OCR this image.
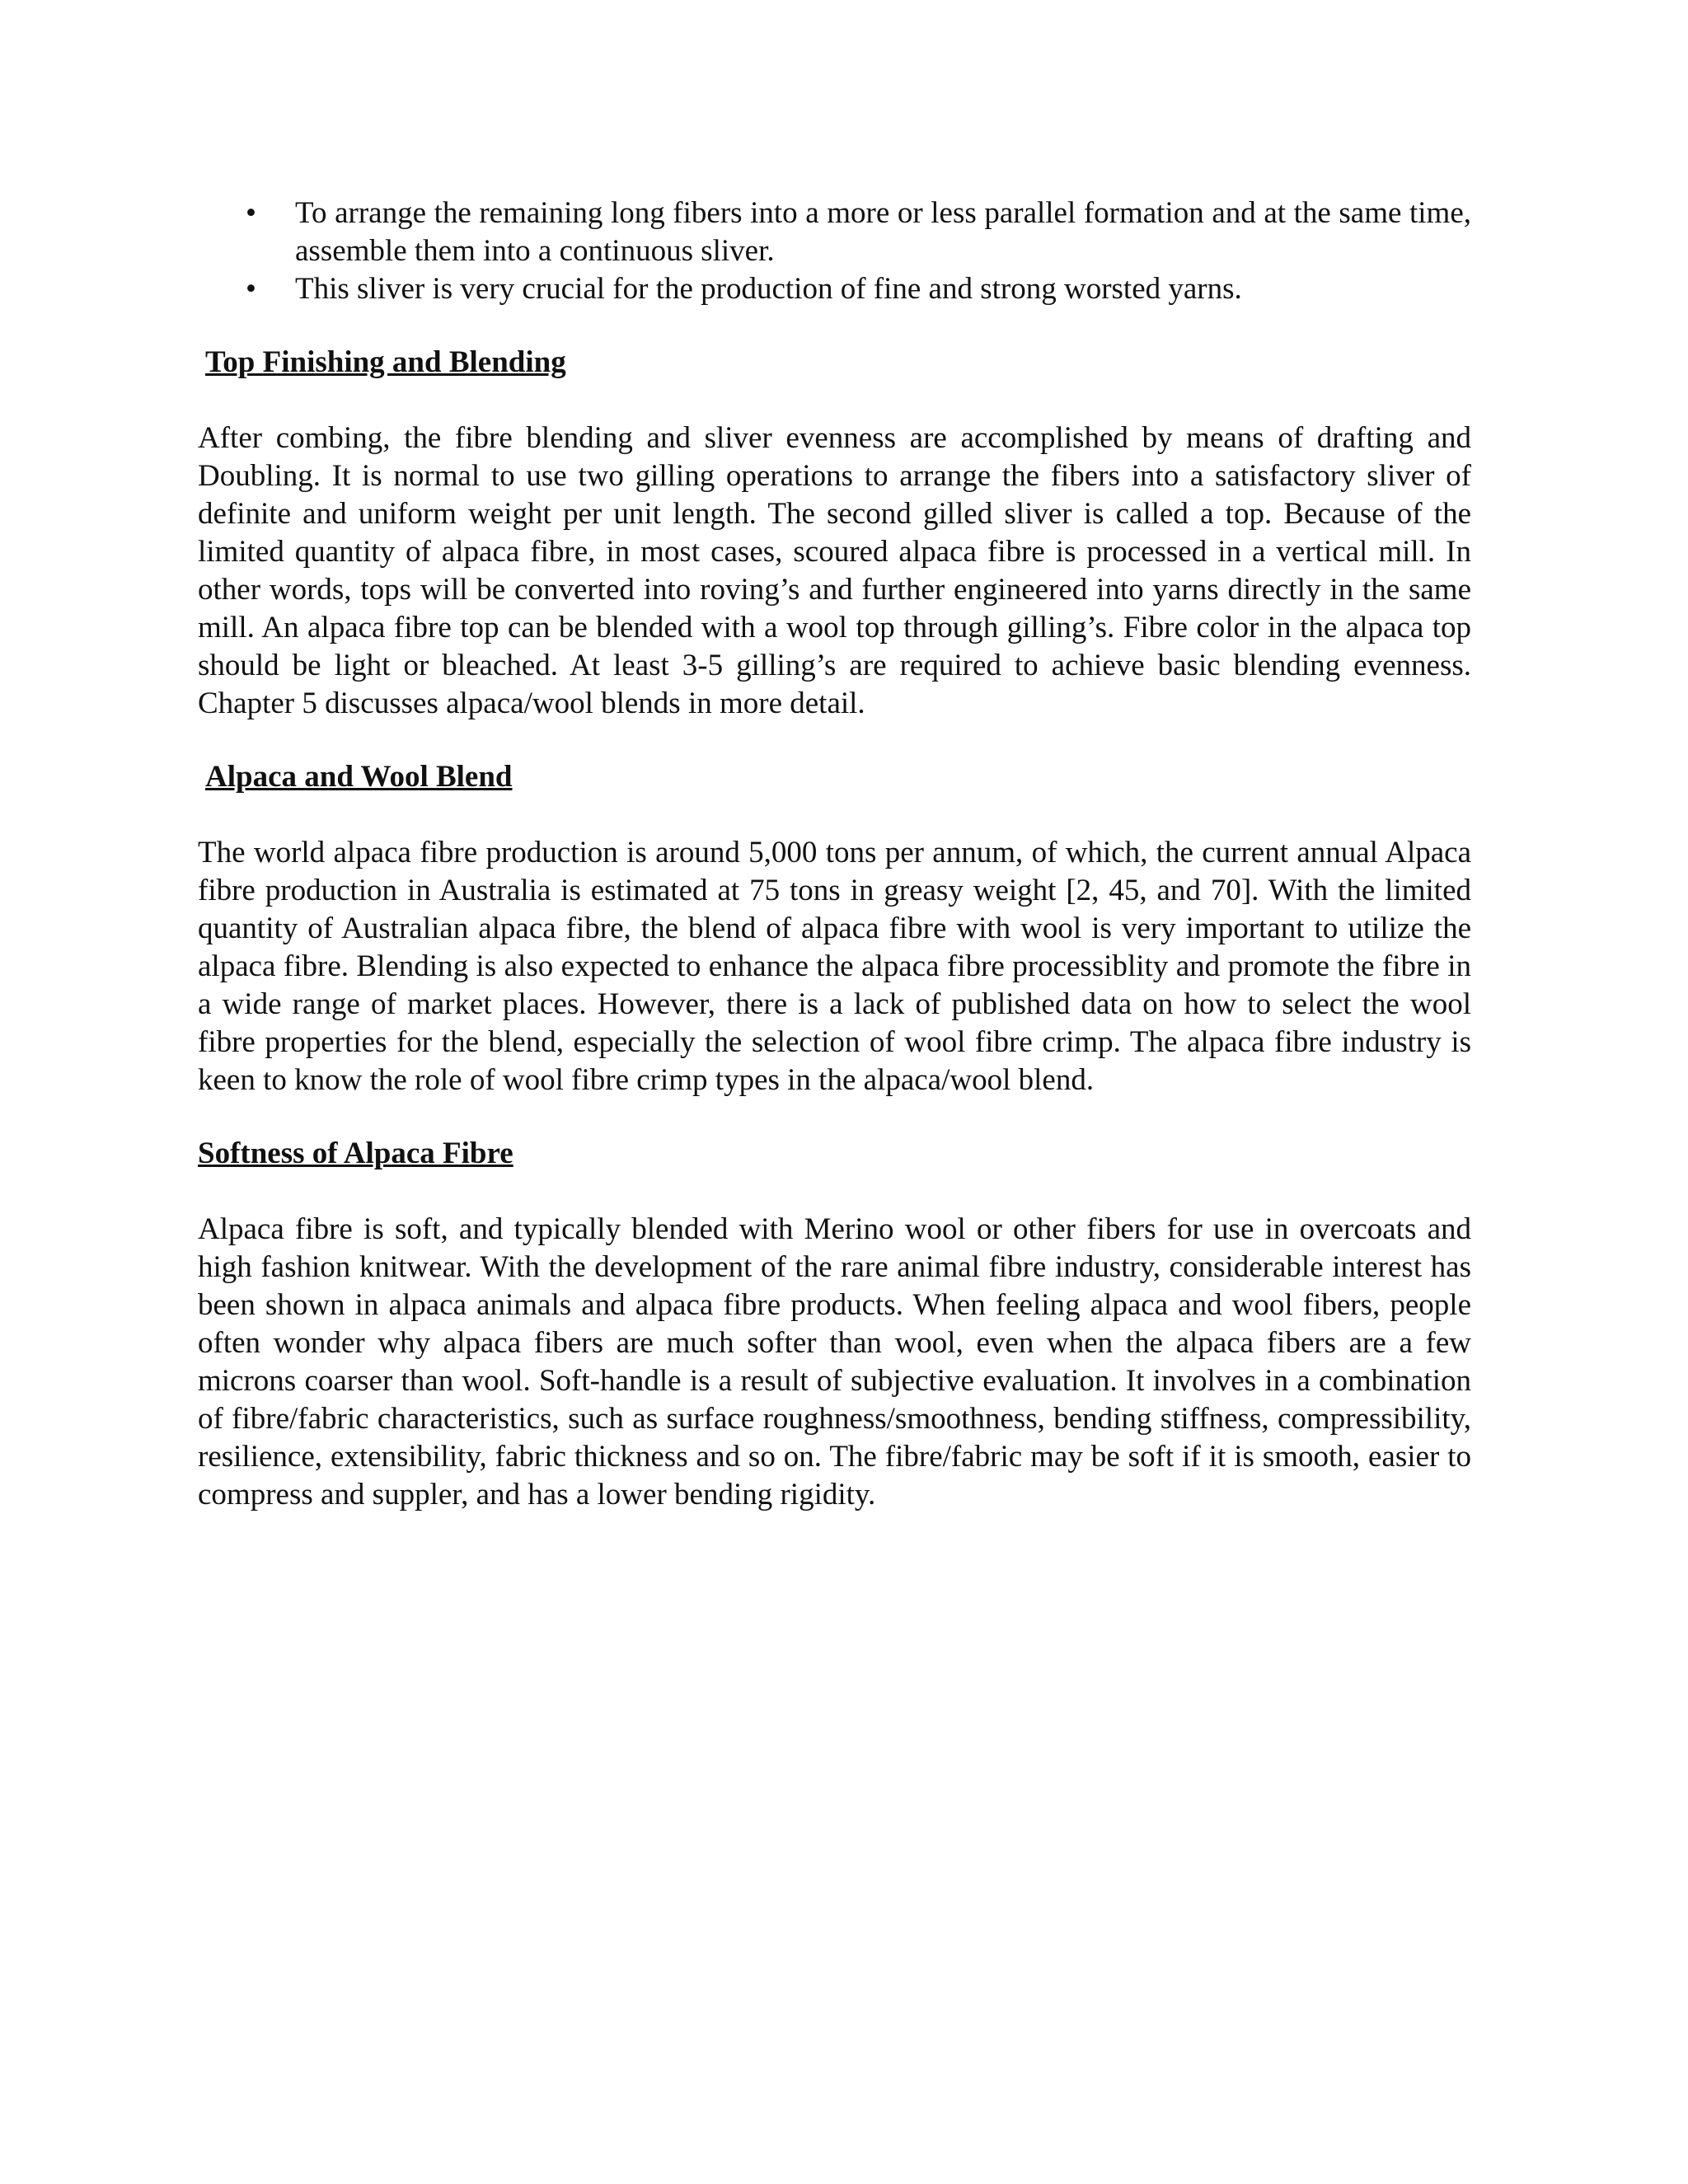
• To arrange the remaining long fibers into a more or less parallel formation and at the same time, assemble them into a continuous sliver.
• This sliver is very crucial for the production of fine and strong worsted yarns.
Top Finishing and Blending

After combing, the fibre blending and sliver evenness are accomplished by means of drafting and Doubling. It is normal to use two gilling operations to arrange the fibers into a satisfactory sliver of definite and uniform weight per unit length. The second gilled sliver is called a top. Because of the limited quantity of alpaca fibre, in most cases, scoured alpaca fibre is processed in a vertical mill. In other words, tops will be converted into roving’s and further engineered into yarns directly in the same mill. An alpaca fibre top can be blended with a wool top through gilling’s. Fibre color in the alpaca top should be light or bleached. At least 3-5 gilling’s are required to achieve basic blending evenness. Chapter 5 discusses alpaca/wool blends in more detail.

Alpaca and Wool Blend

The world alpaca fibre production is around 5,000 tons per annum, of which, the current annual Alpaca fibre production in Australia is estimated at 75 tons in greasy weight [2, 45, and 70]. With the limited quantity of Australian alpaca fibre, the blend of alpaca fibre with wool is very important to utilize the alpaca fibre. Blending is also expected to enhance the alpaca fibre processiblity and promote the fibre in a wide range of market places. However, there is a lack of published data on how to select the wool fibre properties for the blend, especially the selection of wool fibre crimp. The alpaca fibre industry is keen to know the role of wool fibre crimp types in the alpaca/wool blend.

Softness of Alpaca Fibre

Alpaca fibre is soft, and typically blended with Merino wool or other fibers for use in overcoats and high fashion knitwear. With the development of the rare animal fibre industry, considerable interest has been shown in alpaca animals and alpaca fibre products. When feeling alpaca and wool fibers, people often wonder why alpaca fibers are much softer than wool, even when the alpaca fibers are a few microns coarser than wool. Soft-handle is a result of subjective evaluation. It involves in a combination of fibre/fabric characteristics, such as surface roughness/smoothness, bending stiffness, compressibility, resilience, extensibility, fabric thickness and so on. The fibre/fabric may be soft if it is smooth, easier to compress and suppler, and has a lower bending rigidity.
